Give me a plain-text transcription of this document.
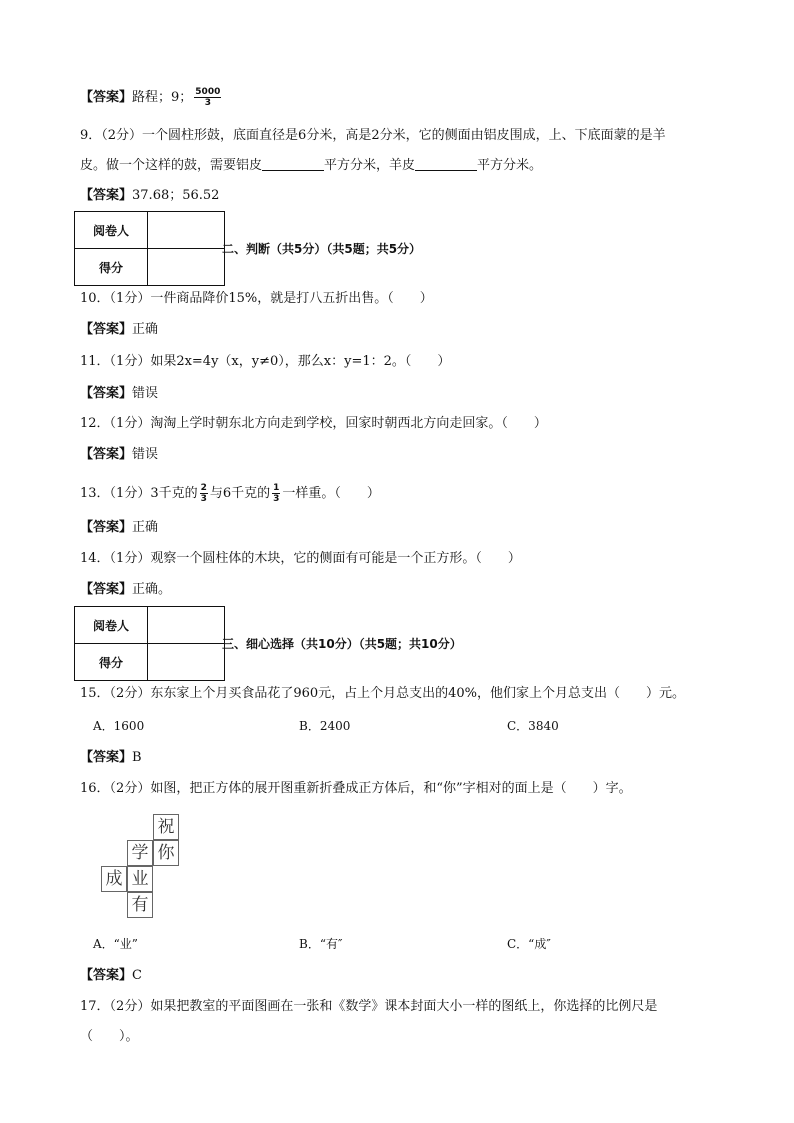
【答案】路程；9； $\frac{5000}{3}$
9．（2分）一个圆柱形鼓，底面直径是6分米，高是2分米，它的侧面由铝皮围成，上、下底面蒙的是羊
皮。做一个这样的鼓，需要铝皮	平方分米，羊皮	平方分米。
【答案】37.68；56.52
阅卷人	
得分	
二、判断（共5分）（共5题；共5分）
10．（1分）一件商品降价15%，就是打八五折出售。（　　）
【答案】正确
11．（1分）如果2x=4y（x，y≠0），那么x：y=1：2。（　　）
【答案】错误
12．（1分）淘淘上学时朝东北方向走到学校，回家时朝西北方向走回家。（　　）
【答案】错误
13．（1分）3千克的 $\frac{2}{3}$ 与6千克的 $\frac{1}{3}$ 一样重。（　　）
【答案】正确
14．（1分）观察一个圆柱体的木块，它的侧面有可能是一个正方形。（　　）
【答案】正确。
阅卷人	
得分	
三、细心选择（共10分）（共5题；共10分）
15．（2分）东东家上个月买食品花了960元，占上个月总支出的40%，他们家上个月总支出（　　）元。
A．1600	B．2400	C．3840
【答案】B
16．（2分）如图，把正方体的展开图重新折叠成正方体后，和“你”字相对的面上是（　　）字。
祝
学 你
成 业
有
A．“业”	B．“有″	C．“成″
【答案】C
17．（2分）如果把教室的平面图画在一张和《数学》课本封面大小一样的图纸上，你选择的比例尺是
（　　）。
